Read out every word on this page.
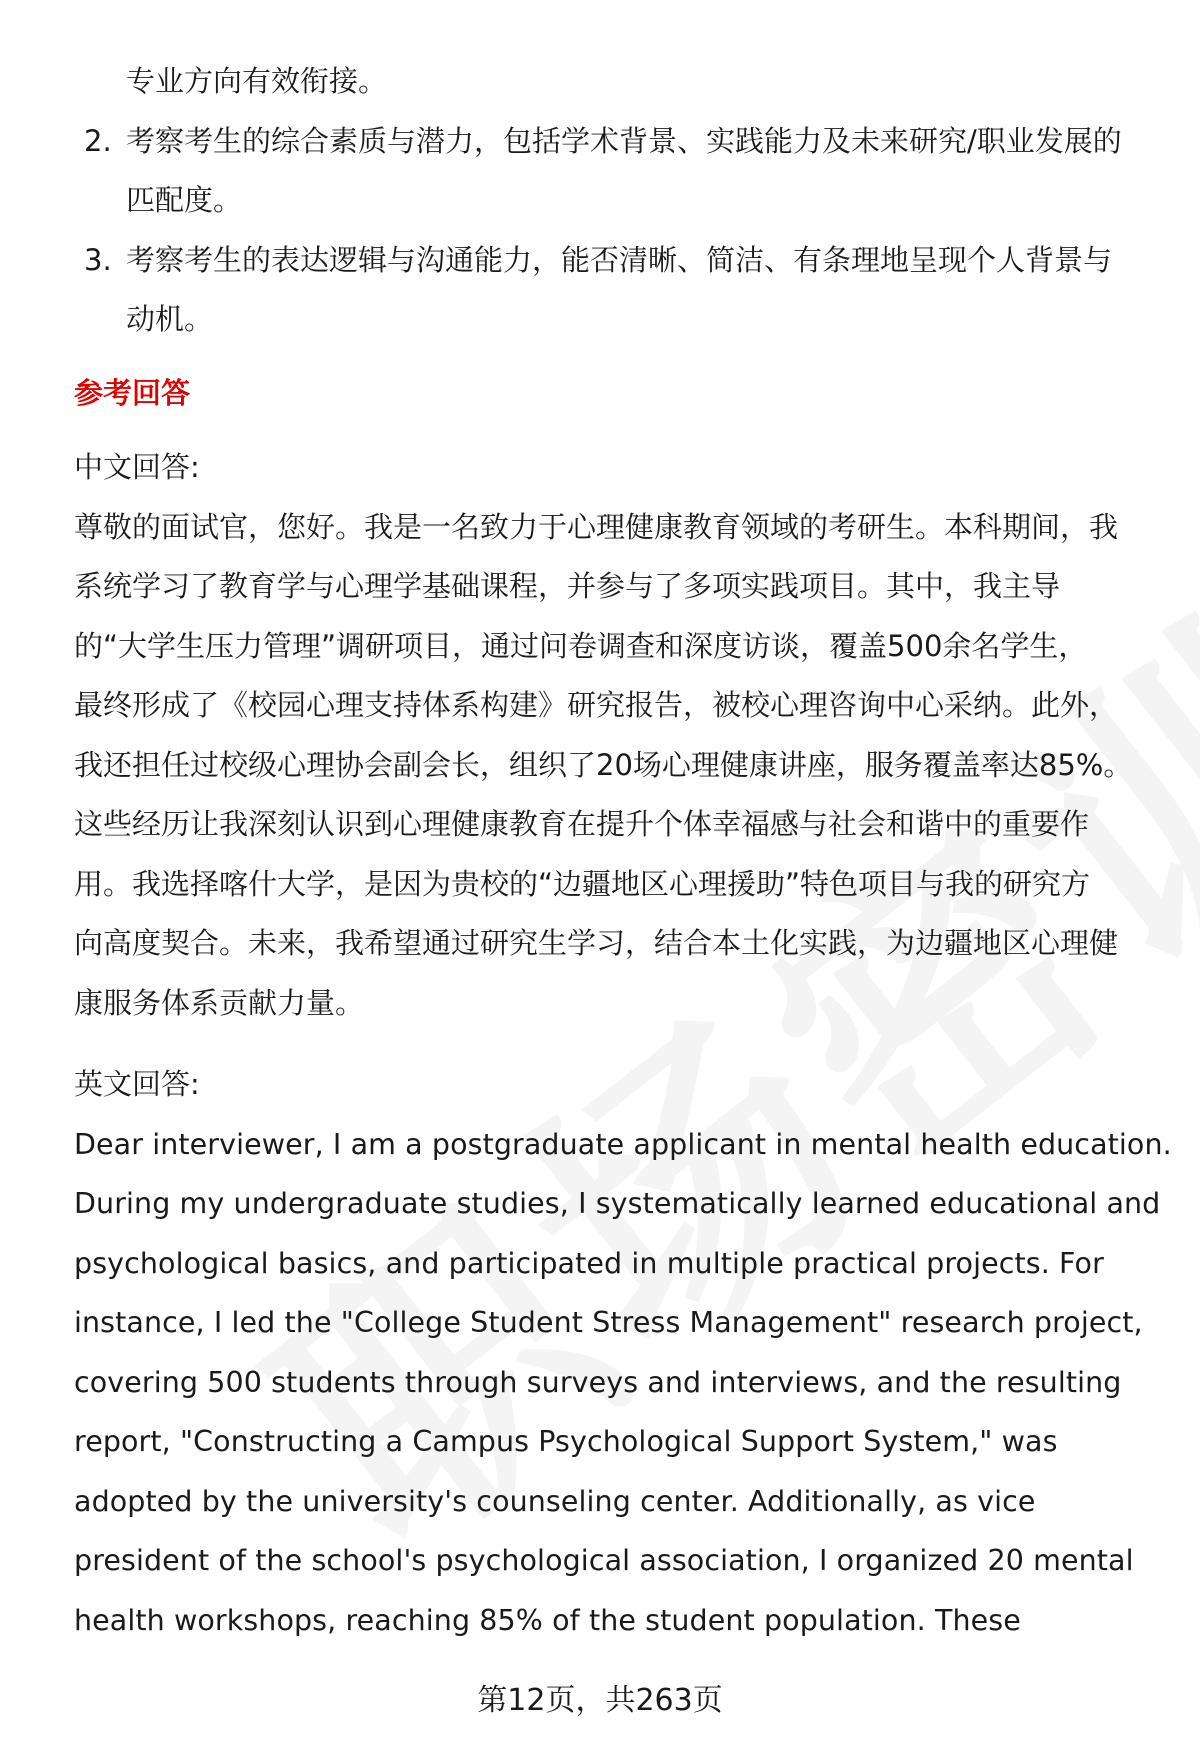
专业方向有效衔接。
2. 考察考生的综合素质与潜力，包括学术背景、实践能力及未来研究/职业发展的
匹配度。
3. 考察考生的表达逻辑与沟通能力，能否清晰、简洁、有条理地呈现个人背景与
动机。
参考回答
中文回答:
尊敬的面试官，您好。我是一名致力于心理健康教育领域的考研生。本科期间，我
系统学习了教育学与心理学基础课程，并参与了多项实践项目。其中，我主导
的“大学生压力管理”调研项目，通过问卷调查和深度访谈，覆盖500余名学生，
最终形成了《校园心理支持体系构建》研究报告，被校心理咨询中心采纳。此外，
我还担任过校级心理协会副会长，组织了20场心理健康讲座，服务覆盖率达85%。
这些经历让我深刻认识到心理健康教育在提升个体幸福感与社会和谐中的重要作
用。我选择喀什大学，是因为贵校的“边疆地区心理援助”特色项目与我的研究方
向高度契合。未来，我希望通过研究生学习，结合本土化实践，为边疆地区心理健
康服务体系贡献力量。
英文回答:
Dear interviewer, I am a postgraduate applicant in mental health education.
During my undergraduate studies, I systematically learned educational and
psychological basics, and participated in multiple practical projects. For
instance, I led the "College Student Stress Management" research project,
covering 500 students through surveys and interviews, and the resulting
report, "Constructing a Campus Psychological Support System," was
adopted by the university's counseling center. Additionally, as vice
president of the school's psychological association, I organized 20 mental
health workshops, reaching 85% of the student population. These
第12页，共263页
